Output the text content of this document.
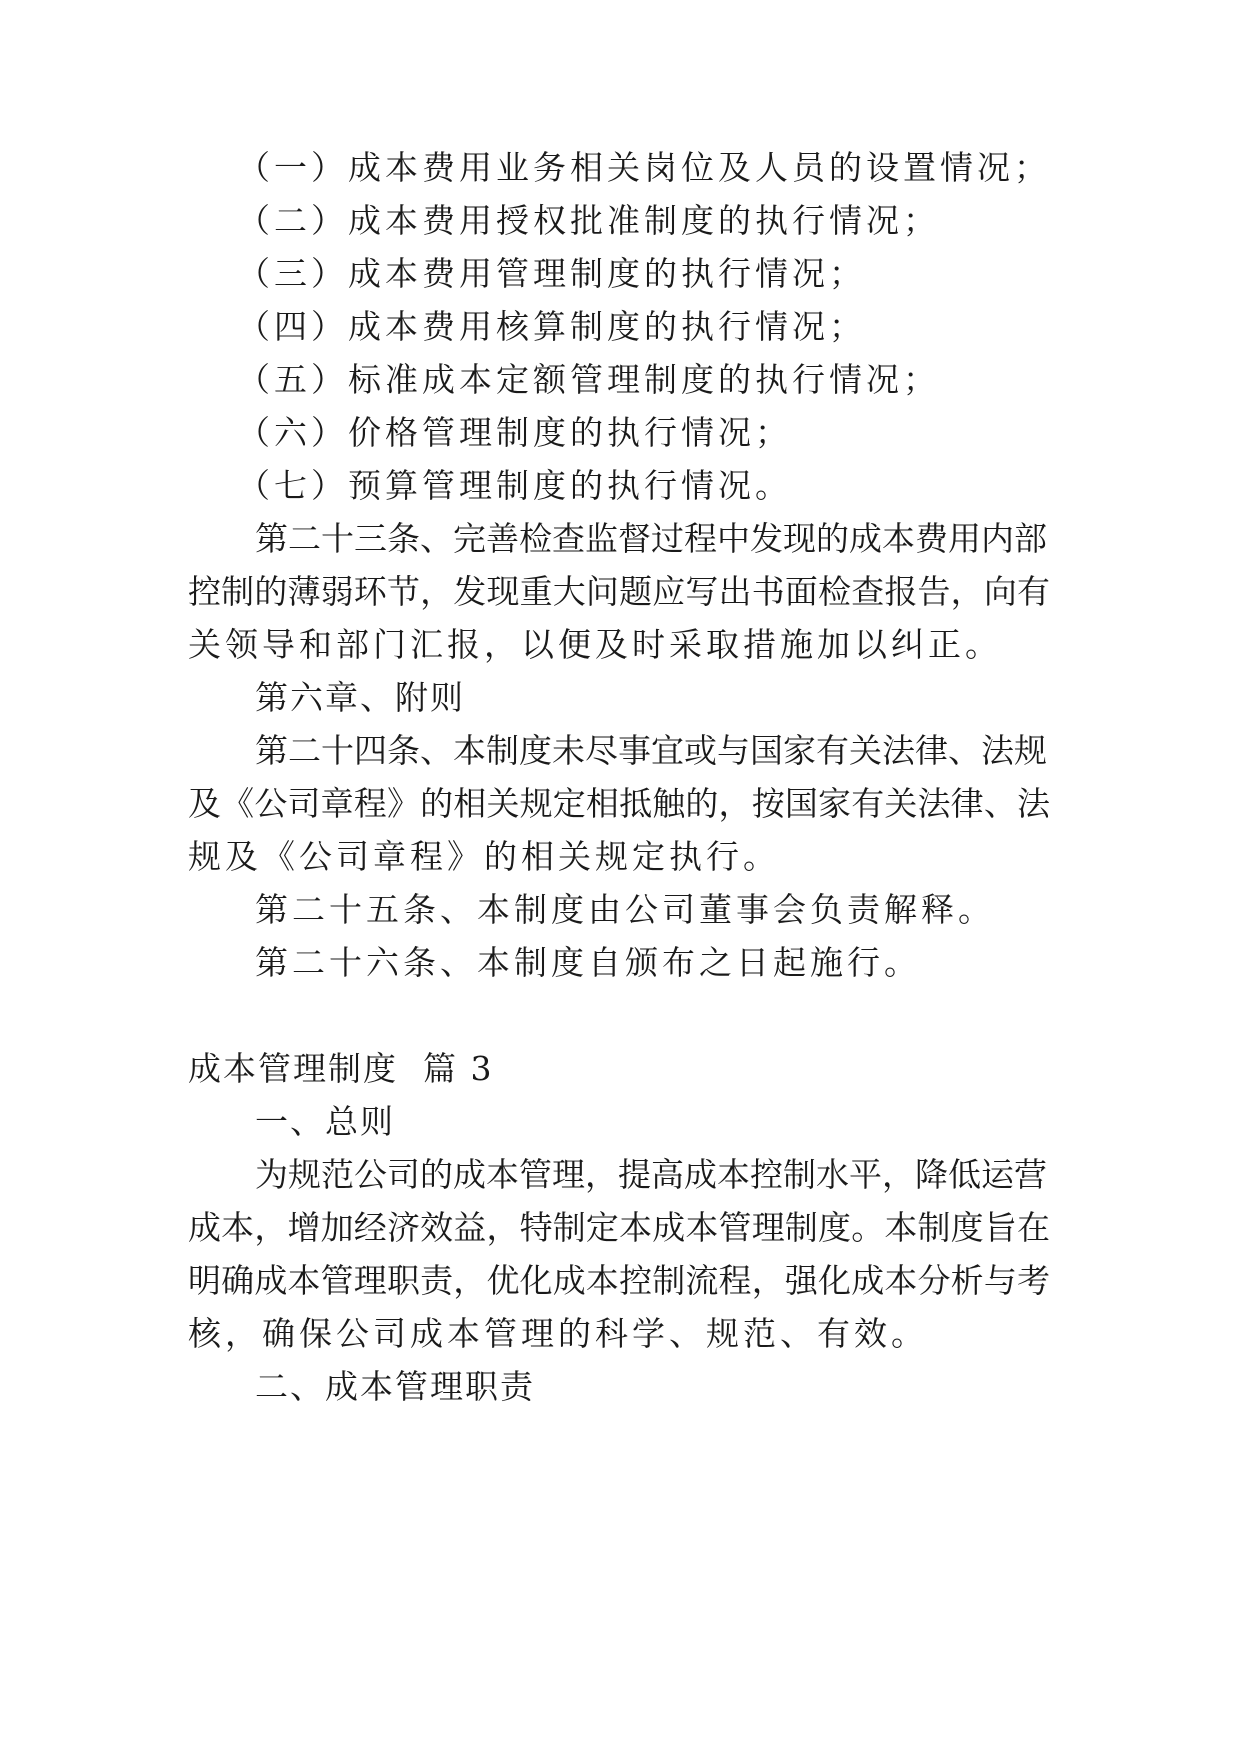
（一）成本费用业务相关岗位及人员的设置情况；
（二）成本费用授权批准制度的执行情况；
（三）成本费用管理制度的执行情况；
（四）成本费用核算制度的执行情况；
（五）标准成本定额管理制度的执行情况；
（六）价格管理制度的执行情况；
（七）预算管理制度的执行情况。
第二十三条、完善检查监督过程中发现的成本费用内部
控制的薄弱环节，发现重大问题应写出书面检查报告，向有
关领导和部门汇报，以便及时采取措施加以纠正。
第六章、附则
第二十四条、本制度未尽事宜或与国家有关法律、法规
及《公司章程》的相关规定相抵触的，按国家有关法律、法
规及《公司章程》的相关规定执行。
第二十五条、本制度由公司董事会负责解释。
第二十六条、本制度自颁布之日起施行。
成本管理制度  篇 3
一、总则
为规范公司的成本管理，提高成本控制水平，降低运营
成本，增加经济效益，特制定本成本管理制度。本制度旨在
明确成本管理职责，优化成本控制流程，强化成本分析与考
核，确保公司成本管理的科学、规范、有效。
二、成本管理职责
